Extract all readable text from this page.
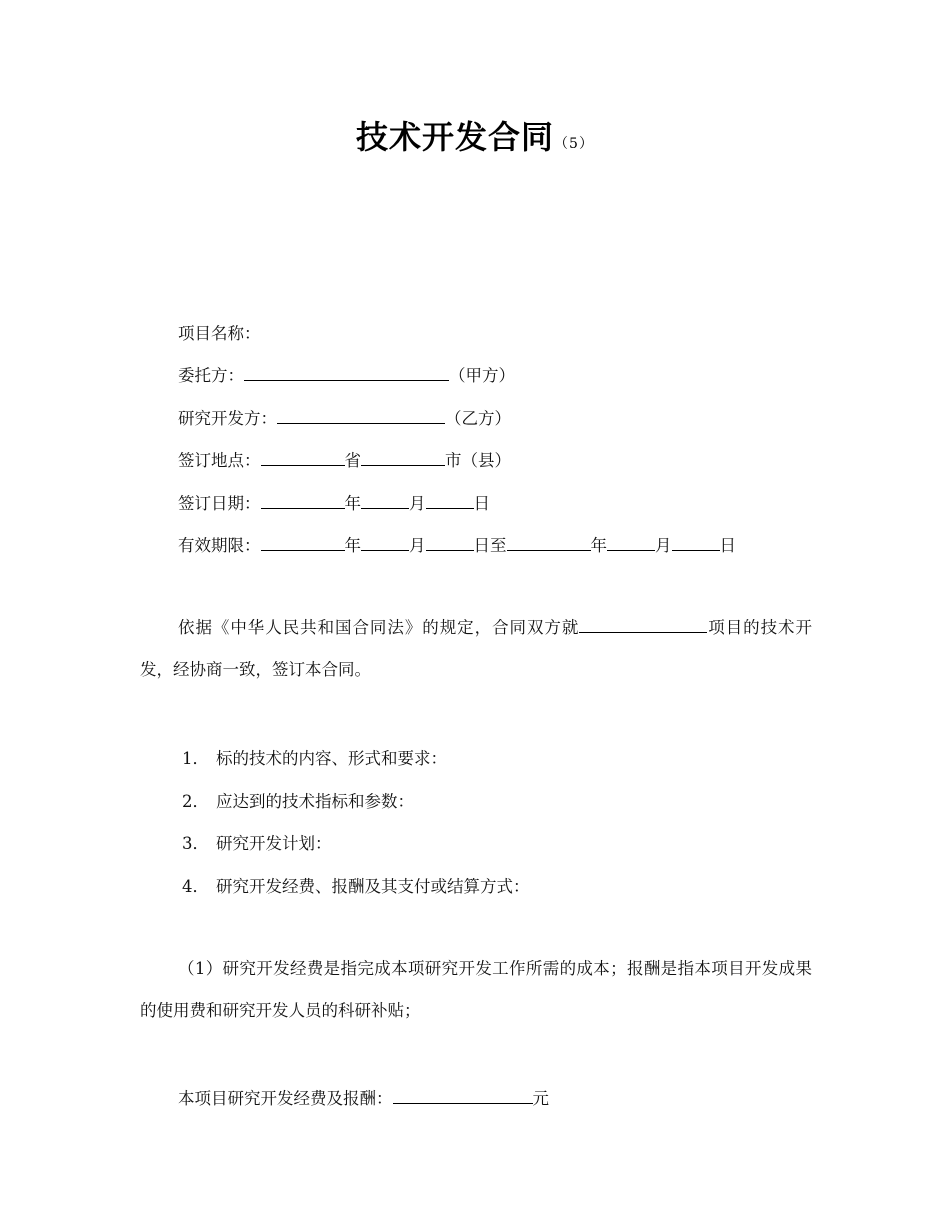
技术开发合同（5）
项目名称：
委托方：	（甲方）
研究开发方：	（乙方）
签订地点：	省	市（县）
签订日期：	年	月	日
有效期限：	年	月	日至	年	月	日
依据《中华人民共和国合同法》的规定，合同双方就	项目的技术开发，经协商一致，签订本合同。
1． 标的技术的内容、形式和要求：
2． 应达到的技术指标和参数：
3． 研究开发计划：
4． 研究开发经费、报酬及其支付或结算方式：
（1）研究开发经费是指完成本项研究开发工作所需的成本；报酬是指本项目开发成果的使用费和研究开发人员的科研补贴；
本项目研究开发经费及报酬：	元
